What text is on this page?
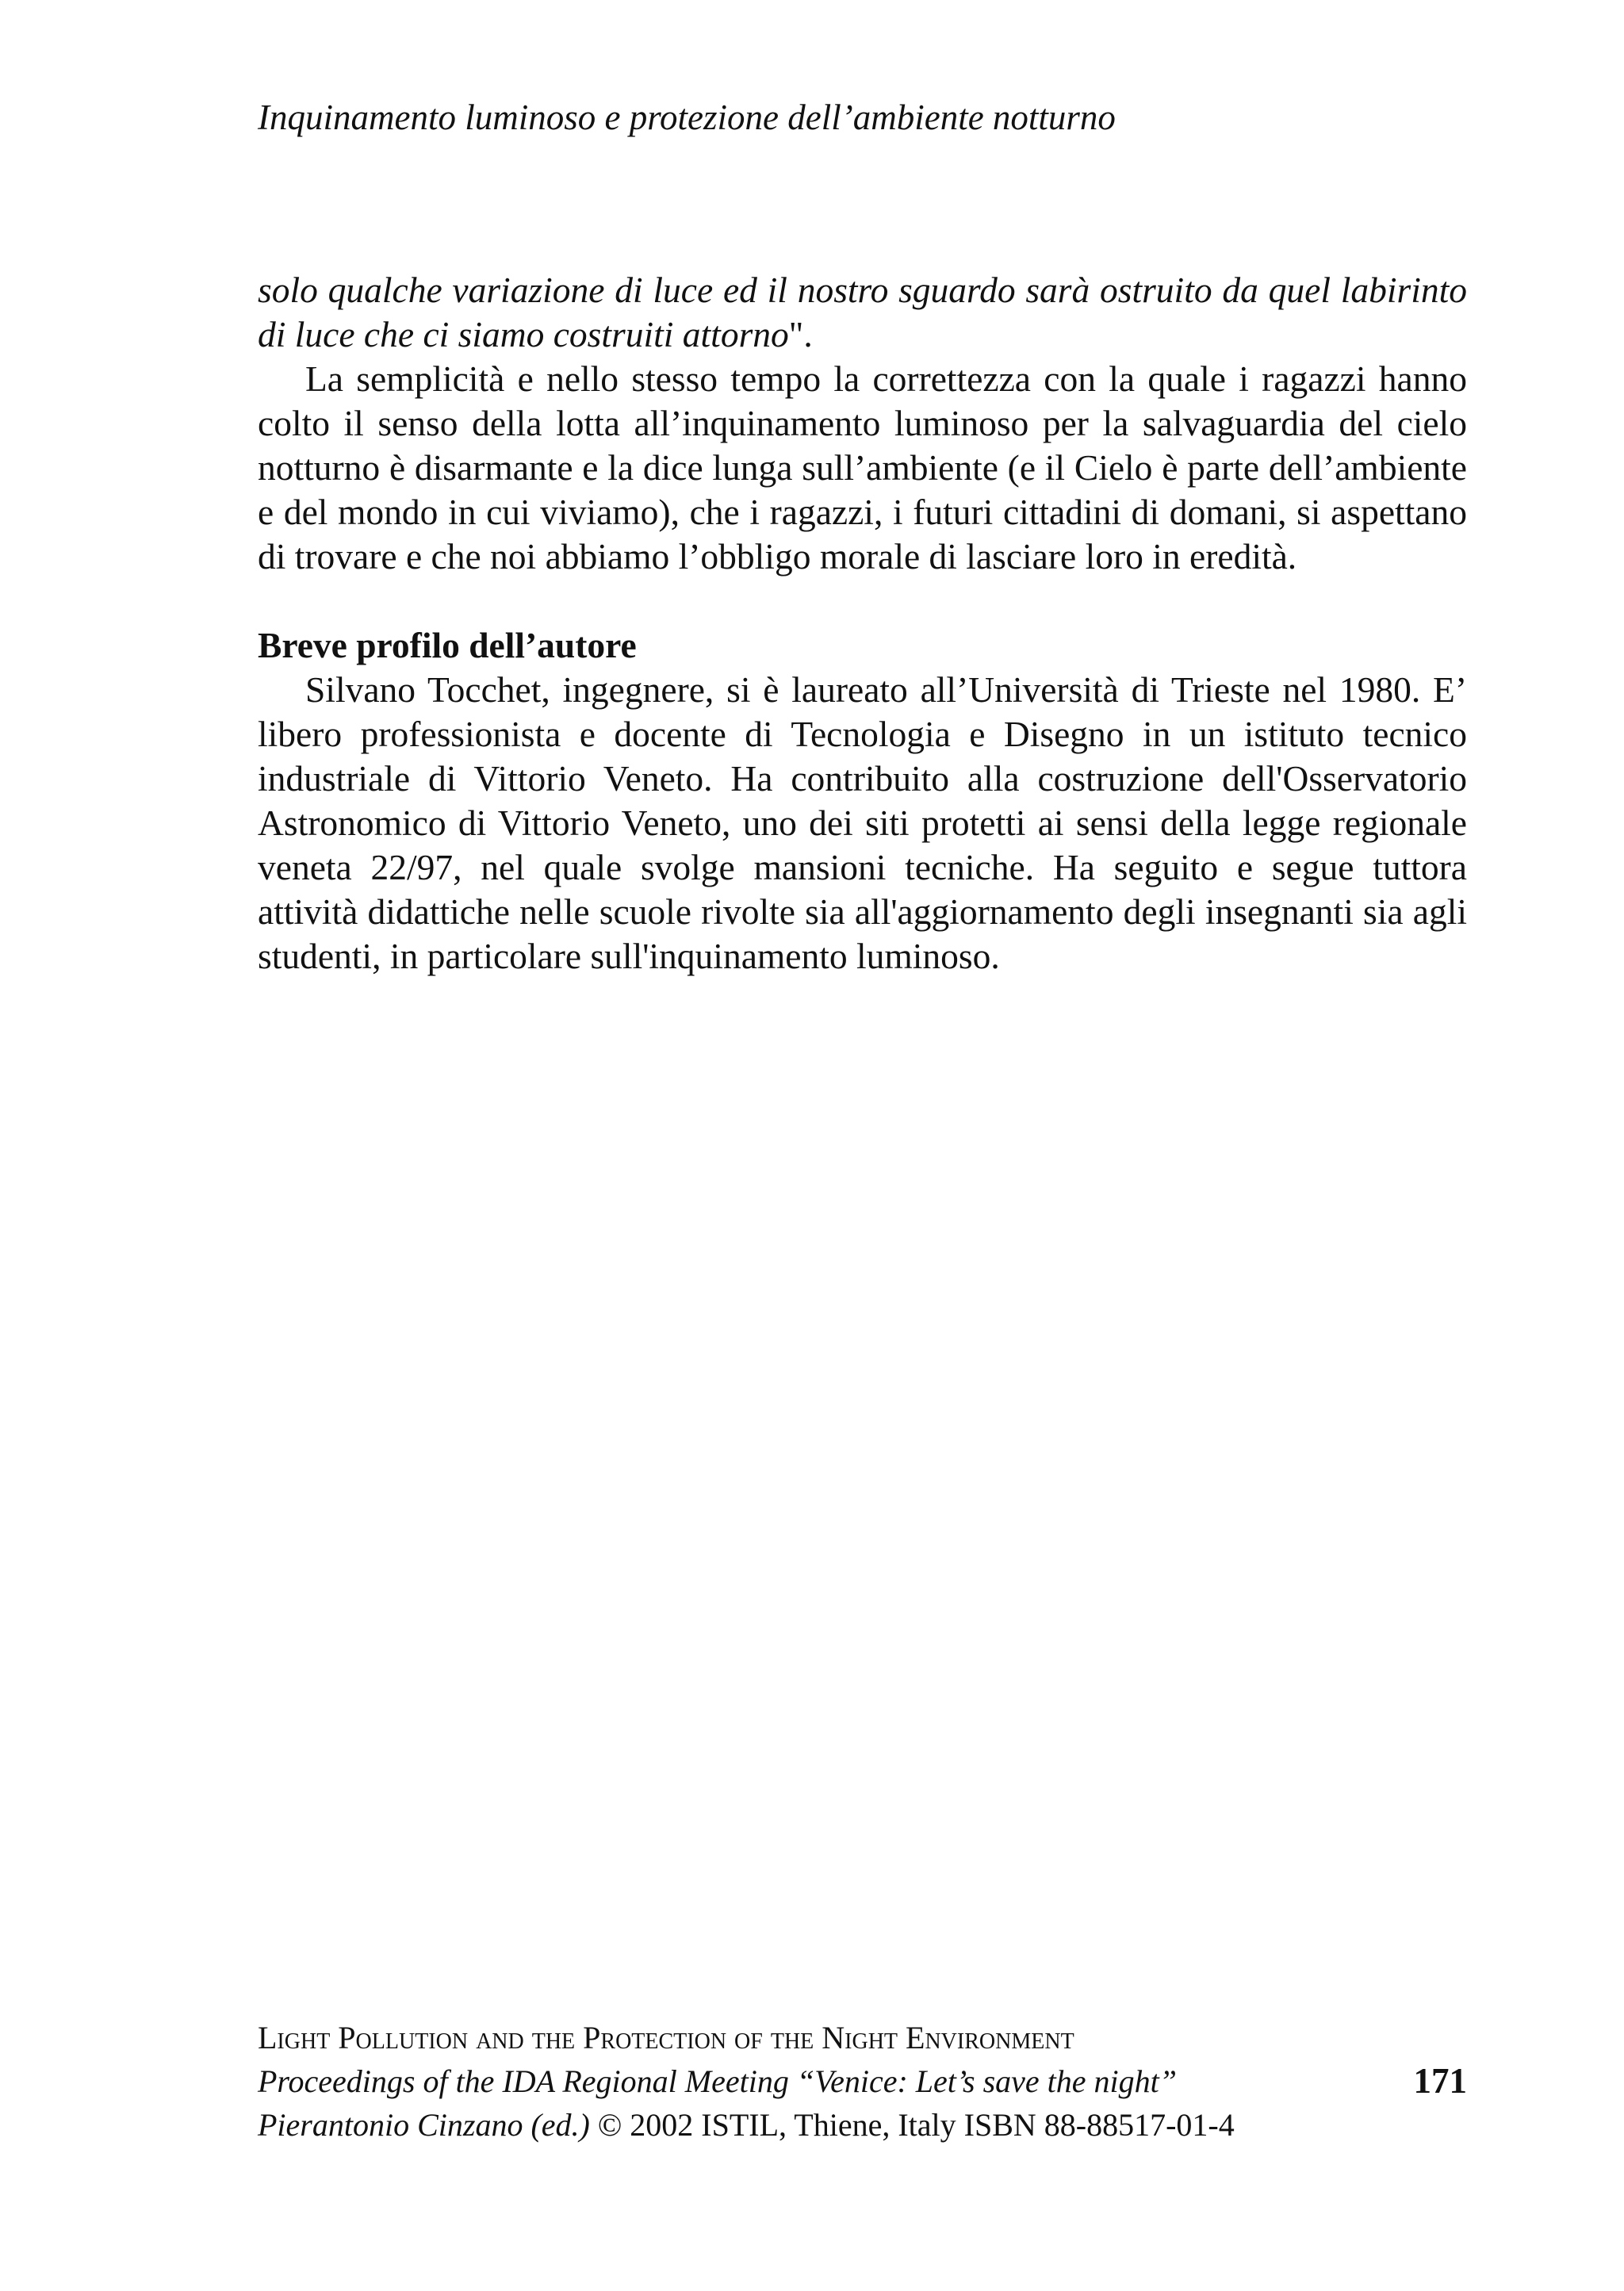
Inquinamento luminoso e protezione dell’ambiente notturno

solo qualche variazione di luce ed il nostro sguardo sarà ostruito da quel labirinto di luce che ci siamo costruiti attorno".

La semplicità e nello stesso tempo la correttezza con la quale i ragazzi hanno colto il senso della lotta all’inquinamento luminoso per la salvaguardia del cielo notturno è disarmante e la dice lunga sull’ambiente (e il Cielo è parte dell’ambiente e del mondo in cui viviamo), che i ragazzi, i futuri cittadini di domani, si aspettano di trovare e che noi abbiamo l’obbligo morale di lasciare loro in eredità.

Breve profilo dell’autore

Silvano Tocchet, ingegnere, si è laureato all’Università di Trieste nel 1980. E’ libero professionista e docente di Tecnologia e Disegno in un istituto tecnico industriale di Vittorio Veneto. Ha contribuito alla costruzione dell'Osservatorio Astronomico di Vittorio Veneto, uno dei siti protetti ai sensi della legge regionale veneta 22/97, nel quale svolge mansioni tecniche. Ha seguito e segue tuttora attività didattiche nelle scuole rivolte sia all'aggiornamento degli insegnanti sia agli studenti, in particolare sull'inquinamento luminoso.

Light Pollution and the Protection of the Night Environment
Proceedings of the IDA Regional Meeting “Venice: Let’s save the night”
Pierantonio Cinzano (ed.) © 2002 ISTIL, Thiene, Italy ISBN 88-88517-01-4
171
